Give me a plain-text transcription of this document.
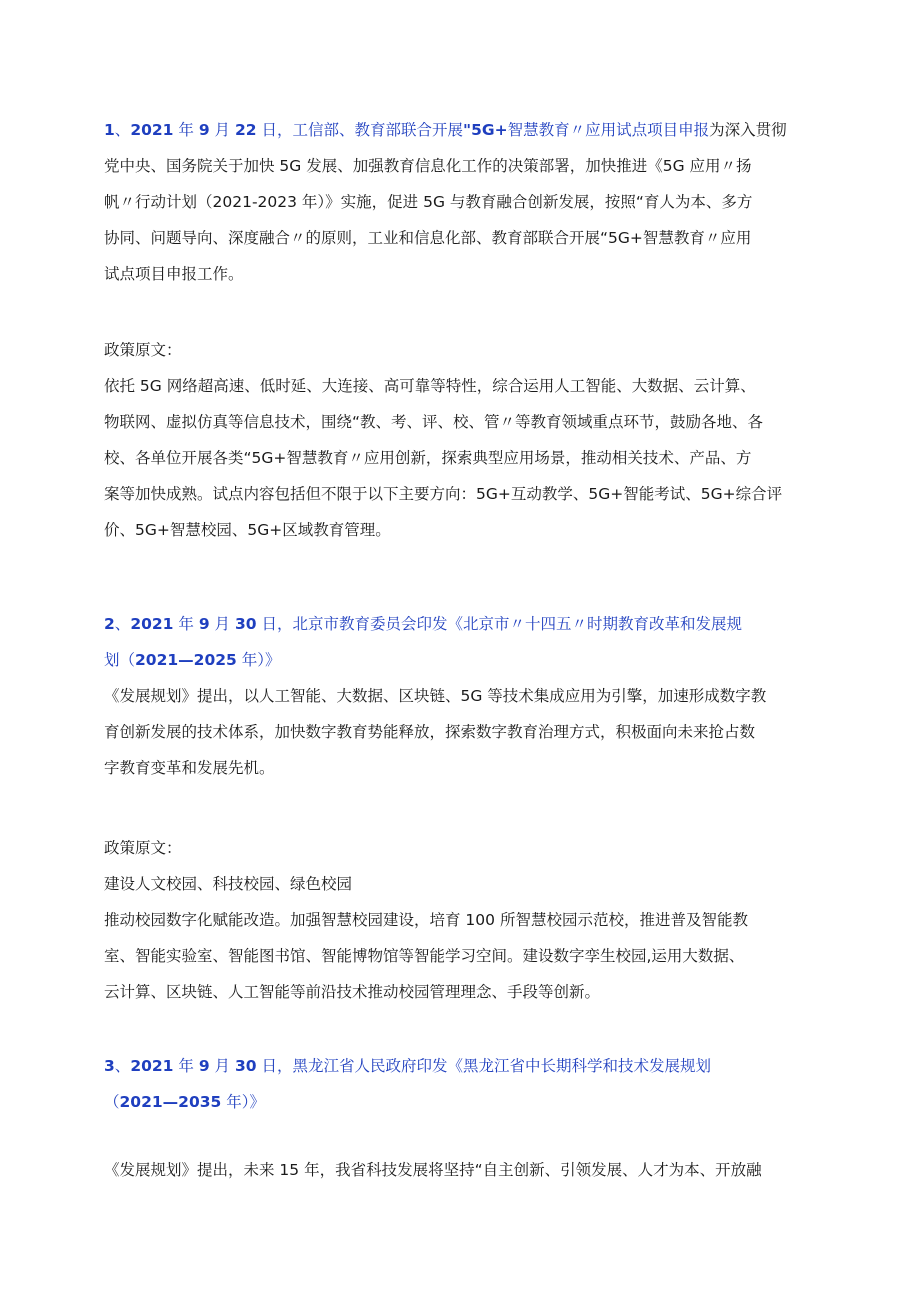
1、2021 年 9 月 22 日，工信部、教育部联合开展"5G+智慧教育〃应用试点项目申报为深入贯彻
党中央、国务院关于加快 5G 发展、加强教育信息化工作的决策部署，加快推进《5G 应用〃扬
帆〃行动计划（2021-2023 年）》实施，促进 5G 与教育融合创新发展，按照“育人为本、多方
协同、问题导向、深度融合〃的原则，工业和信息化部、教育部联合开展“5G+智慧教育〃应用
试点项目申报工作。
政策原文：
依托 5G 网络超高速、低时延、大连接、高可靠等特性，综合运用人工智能、大数据、云计算、
物联网、虚拟仿真等信息技术，围绕“教、考、评、校、管〃等教育领域重点环节，鼓励各地、各
校、各单位开展各类“5G+智慧教育〃应用创新，探索典型应用场景，推动相关技术、产品、方
案等加快成熟。试点内容包括但不限于以下主要方向：5G+互动教学、5G+智能考试、5G+综合评
价、5G+智慧校园、5G+区域教育管理。
2、2021 年 9 月 30 日，北京市教育委员会印发《北京市〃十四五〃时期教育改革和发展规
划（2021—2025 年）》
《发展规划》提出，以人工智能、大数据、区块链、5G 等技术集成应用为引擎，加速形成数字教
育创新发展的技术体系，加快数字教育势能释放，探索数字教育治理方式，积极面向未来抢占数
字教育变革和发展先机。
政策原文：
建设人文校园、科技校园、绿色校园
推动校园数字化赋能改造。加强智慧校园建设，培育 100 所智慧校园示范校，推进普及智能教
室、智能实验室、智能图书馆、智能博物馆等智能学习空间。建设数字孪生校园,运用大数据、
云计算、区块链、人工智能等前沿技术推动校园管理理念、手段等创新。
3、2021 年 9 月 30 日，黑龙江省人民政府印发《黑龙江省中长期科学和技术发展规划
（2021—2035 年）》
《发展规划》提出，未来 15 年，我省科技发展将坚持“自主创新、引领发展、人才为本、开放融
